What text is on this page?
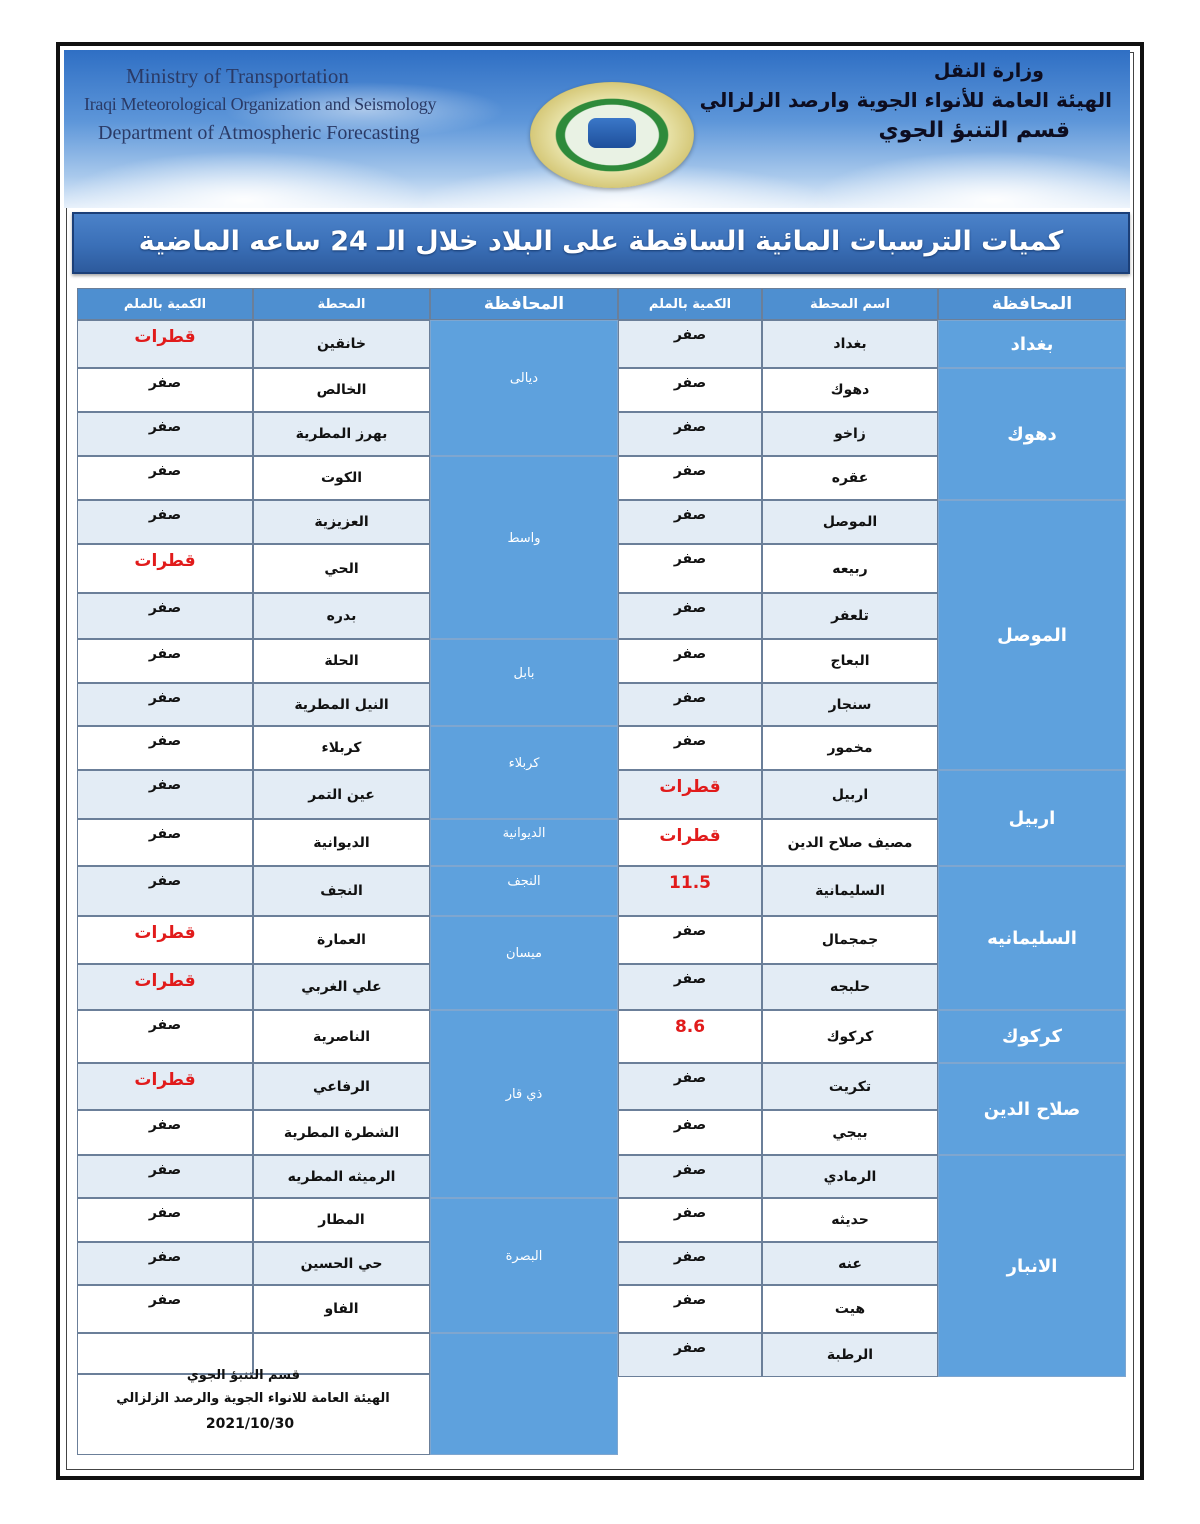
Ministry of Transportation
Iraqi Meteorological Organization and Seismology
Department of Atmospheric Forecasting
وزارة النقل
الهيئة العامة للأنواء الجوية وارصد الزلزالي
قسم التنبؤ الجوي
كميات الترسبات المائية الساقطة على البلاد خلال الـ 24 ساعه الماضية
المحافظة
اسم المحطة
الكمية بالملم
المحافظة
المحطة
الكمية بالملم
بغداد
صفر
دهوك
صفر
زاخو
صفر
عقره
صفر
الموصل
صفر
ربيعه
صفر
تلعفر
صفر
البعاج
صفر
سنجار
صفر
مخمور
صفر
اربيل
قطرات
مصيف صلاح الدين
قطرات
السليمانية
11.5
جمجمال
صفر
حلبجه
صفر
كركوك
8.6
تكريت
صفر
بيجي
صفر
الرمادي
صفر
حديثه
صفر
عنه
صفر
هيت
صفر
الرطبة
صفر
بغداد
دهوك
الموصل
اربيل
السليمانيه
كركوك
صلاح الدين
الانبار
خانقين
قطرات
الخالص
صفر
بهرز المطرية
صفر
الكوت
صفر
العزيزية
صفر
الحي
قطرات
بدره
صفر
الحلة
صفر
النيل المطرية
صفر
كربلاء
صفر
عين التمر
صفر
الديوانية
صفر
النجف
صفر
العمارة
قطرات
علي الغربي
قطرات
الناصرية
صفر
الرفاعي
قطرات
الشطرة المطرية
صفر
الرميثه المطريه
صفر
المطار
صفر
حي الحسين
صفر
الفاو
صفر
ديالى
واسط
بابل
كربلاء
الديوانية
النجف
ميسان
ذي قار
البصرة
قسم التنبؤ الجوي
الهيئة العامة للانواء الجوية والرصد الزلزالي
2021/10/30
